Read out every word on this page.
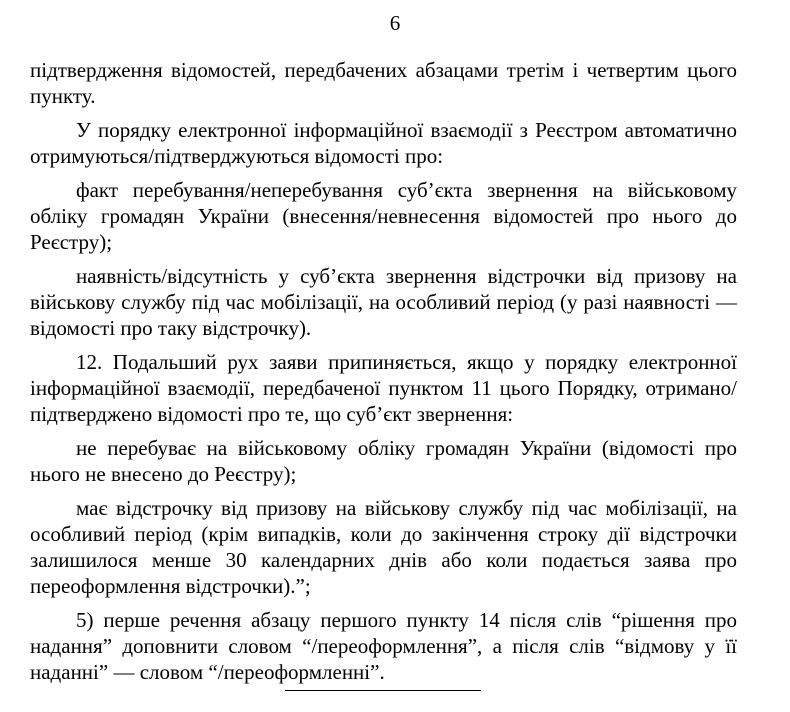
6

підтвердження відомостей, передбачених абзацами третім і четвертим цього пункту.

У порядку електронної інформаційної взаємодії з Реєстром автоматично отримуються/підтверджуються відомості про:

факт перебування/неперебування суб’єкта звернення на військовому обліку громадян України (внесення/невнесення відомостей про нього до Реєстру);

наявність/відсутність у суб’єкта звернення відстрочки від призову на військову службу під час мобілізації, на особливий період (у разі наявності — відомості про таку відстрочку).

12. Подальший рух заяви припиняється, якщо у порядку електронної інформаційної взаємодії, передбаченої пунктом 11 цього Порядку, отримано/підтверджено відомості про те, що суб’єкт звернення:

не перебуває на військовому обліку громадян України (відомості про нього не внесено до Реєстру);

має відстрочку від призову на військову службу під час мобілізації, на особливий період (крім випадків, коли до закінчення строку дії відстрочки залишилося менше 30 календарних днів або коли подається заява про переоформлення відстрочки).”;

5) перше речення абзацу першого пункту 14 після слів “рішення про надання” доповнити словом “/переоформлення”, а після слів “відмову у її наданні” — словом “/переоформленні”.
